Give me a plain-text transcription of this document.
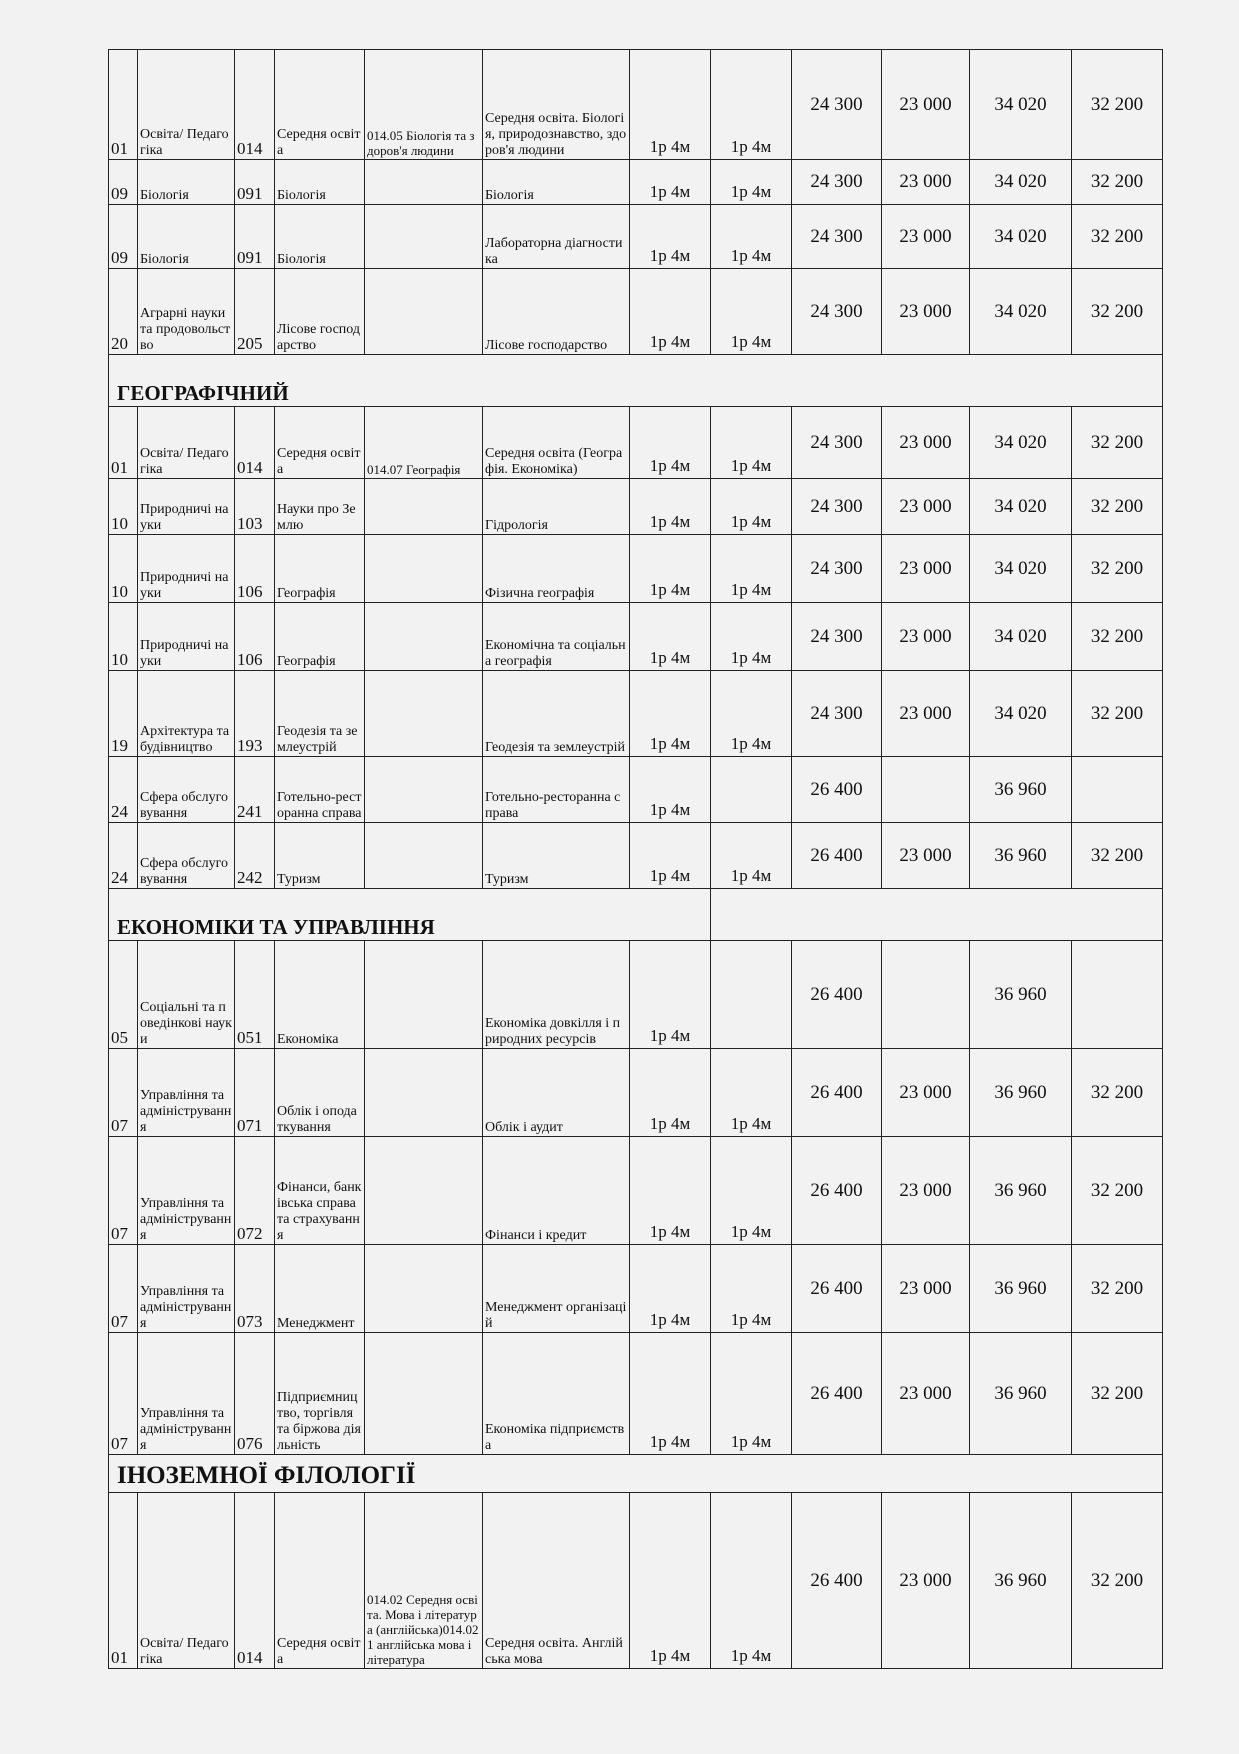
01	Освіта/ Педагогіка	014	Середня освіта	014.05 Біологія та здоров'я людини	Середня освіта. Біологія, природознавство, здоров'я людини	1р 4м	1р 4м	24 300	23 000	34 020	32 200
09	Біологія	091	Біологія		Біологія	1р 4м	1р 4м	24 300	23 000	34 020	32 200
09	Біологія	091	Біологія		Лабораторна діагностика	1р 4м	1р 4м	24 300	23 000	34 020	32 200
20	Аграрні науки та продовольство	205	Лісове господарство		Лісове господарство	1р 4м	1р 4м	24 300	23 000	34 020	32 200
ГЕОГРАФІЧНИЙ											
01	Освіта/ Педагогіка	014	Середня освіта	014.07 Географія	Середня освіта (Географія. Економіка)	1р 4м	1р 4м	24 300	23 000	34 020	32 200
10	Природничі науки	103	Науки про Землю		Гідрологія	1р 4м	1р 4м	24 300	23 000	34 020	32 200
10	Природничі науки	106	Географія		Фізична географія	1р 4м	1р 4м	24 300	23 000	34 020	32 200
10	Природничі науки	106	Географія		Економічна та соціальна географія	1р 4м	1р 4м	24 300	23 000	34 020	32 200
19	Архітектура та будівництво	193	Геодезія та землеустрій		Геодезія та землеустрій	1р 4м	1р 4м	24 300	23 000	34 020	32 200
24	Сфера обслуговування	241	Готельно-ресторанна справа		Готельно-ресторанна справа	1р 4м		26 400		36 960	
24	Сфера обслуговування	242	Туризм		Туризм	1р 4м	1р 4м	26 400	23 000	36 960	32 200
ЕКОНОМІКИ ТА УПРАВЛІННЯ											
05	Соціальні та поведінкові науки	051	Економіка		Економіка довкілля і природних ресурсів	1р 4м		26 400		36 960	
07	Управління та адміністрування	071	Облік і оподаткування		Облік і аудит	1р 4м	1р 4м	26 400	23 000	36 960	32 200
07	Управління та адміністрування	072	Фінанси, банківська справа та страхування		Фінанси і кредит	1р 4м	1р 4м	26 400	23 000	36 960	32 200
07	Управління та адміністрування	073	Менеджмент		Менеджмент організацій	1р 4м	1р 4м	26 400	23 000	36 960	32 200
07	Управління та адміністрування	076	Підприємництво, торгівля та біржова діяльність		Економіка підприємства	1р 4м	1р 4м	26 400	23 000	36 960	32 200
ІНОЗЕМНОЇ ФІЛОЛОГІЇ											
01	Освіта/ Педагогіка	014	Середня освіта	014.02 Середня освіта. Мова і література (англійська)014.021 англійська мова і література	Середня освіта. Англійська мова	1р 4м	1р 4м	26 400	23 000	36 960	32 200
